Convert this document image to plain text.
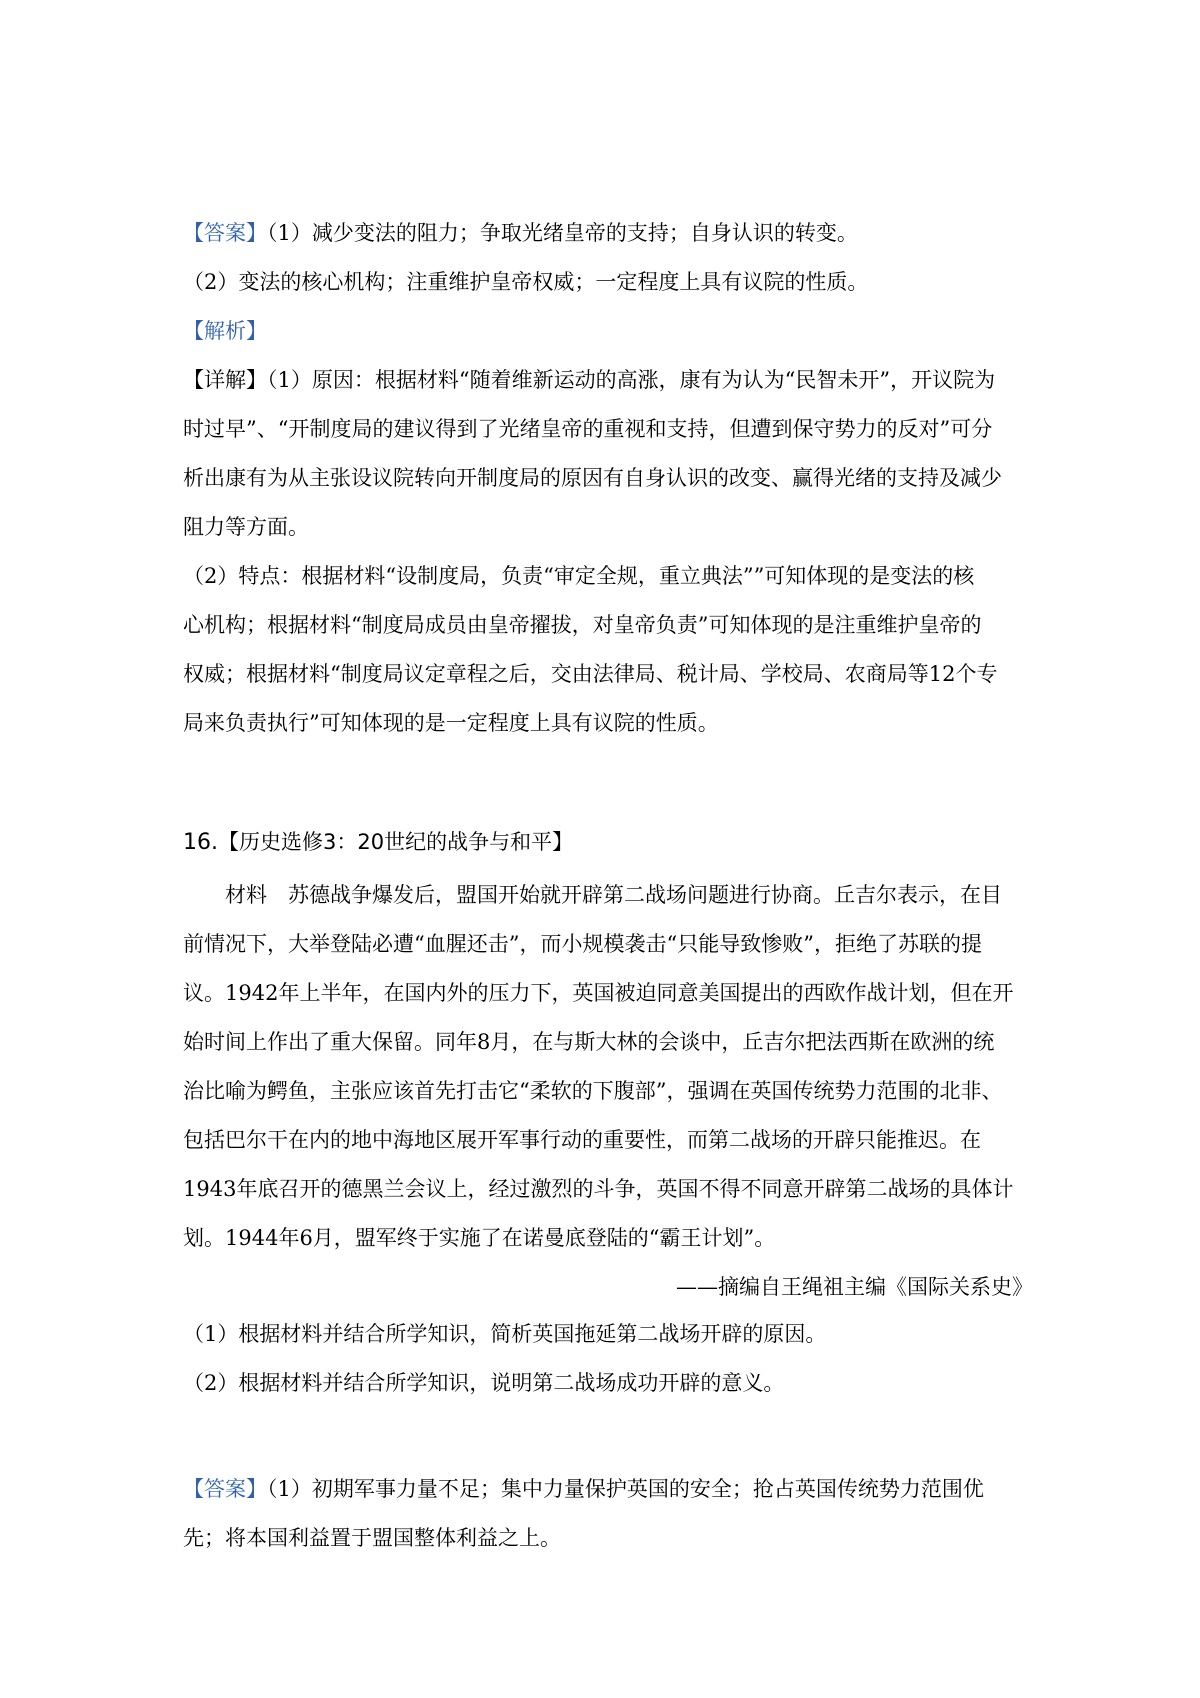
【答案】（1）减少变法的阻力；争取光绪皇帝的支持；自身认识的转变。
（2）变法的核心机构；注重维护皇帝权威；一定程度上具有议院的性质。
【解析】
【详解】（1）原因：根据材料“随着维新运动的高涨，康有为认为“民智未开”，开议院为
时过早”、“开制度局的建议得到了光绪皇帝的重视和支持，但遭到保守势力的反对”可分
析出康有为从主张设议院转向开制度局的原因有自身认识的改变、赢得光绪的支持及减少
阻力等方面。
（2）特点：根据材料“设制度局，负责“审定全规，重立典法””可知体现的是变法的核
心机构；根据材料“制度局成员由皇帝擢拔，对皇帝负责”可知体现的是注重维护皇帝的
权威；根据材料“制度局议定章程之后，交由法律局、税计局、学校局、农商局等12个专
局来负责执行”可知体现的是一定程度上具有议院的性质。
16.【历史选修3：20世纪的战争与和平】
材料　苏德战争爆发后，盟国开始就开辟第二战场问题进行协商。丘吉尔表示，在目
前情况下，大举登陆必遭“血腥还击”，而小规模袭击“只能导致惨败”，拒绝了苏联的提
议。1942年上半年，在国内外的压力下，英国被迫同意美国提出的西欧作战计划，但在开
始时间上作出了重大保留。同年8月，在与斯大林的会谈中，丘吉尔把法西斯在欧洲的统
治比喻为鳄鱼，主张应该首先打击它“柔软的下腹部”，强调在英国传统势力范围的北非、
包括巴尔干在内的地中海地区展开军事行动的重要性，而第二战场的开辟只能推迟。在
1943年底召开的德黑兰会议上，经过激烈的斗争，英国不得不同意开辟第二战场的具体计
划。1944年6月，盟军终于实施了在诺曼底登陆的“霸王计划”。
——摘编自王绳祖主编《国际关系史》
（1）根据材料并结合所学知识，简析英国拖延第二战场开辟的原因。
（2）根据材料并结合所学知识，说明第二战场成功开辟的意义。
【答案】（1）初期军事力量不足；集中力量保护英国的安全；抢占英国传统势力范围优
先；将本国利益置于盟国整体利益之上。
